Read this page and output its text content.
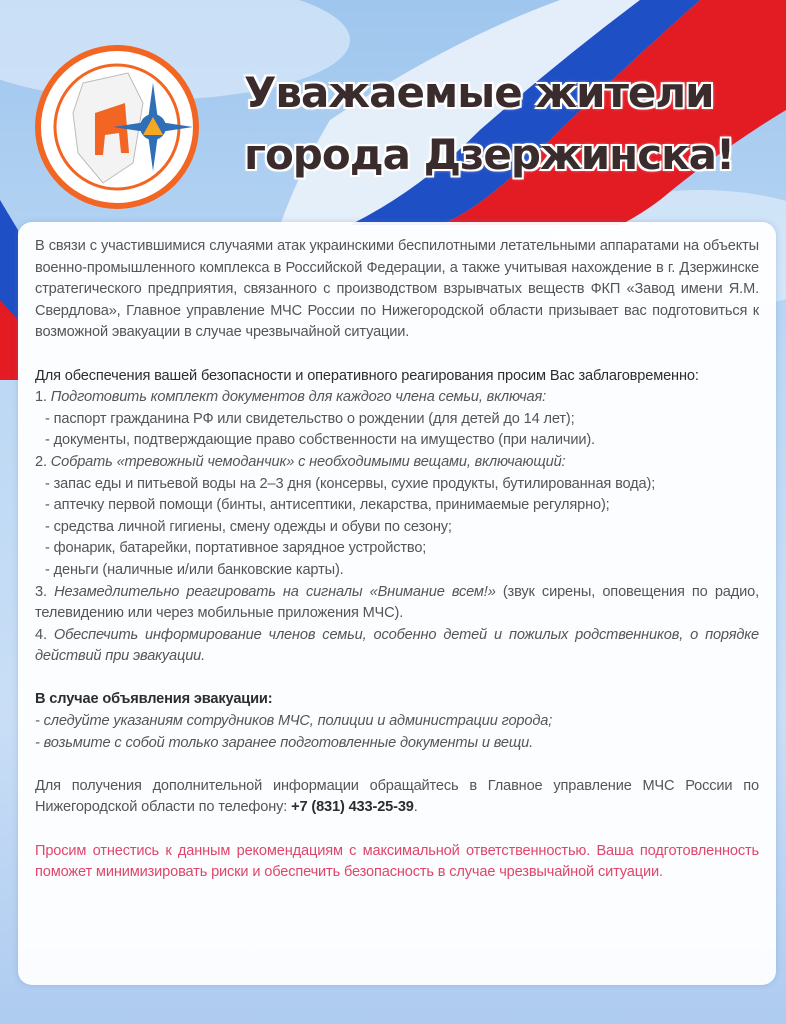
Уважаемые жители
города Дзержинска!

В связи с участившимися случаями атак украинскими беспилотными летательными аппаратами на объекты военно-промышленного комплекса в Российской Федерации, а также учитывая нахождение в г. Дзержинске стратегического предприятия, связанного с производством взрывчатых веществ ФКП «Завод имени Я.М. Свердлова», Главное управление МЧС России по Нижегородской области призывает вас подготовиться к возможной эвакуации в случае чрезвычайной ситуации.

Для обеспечения вашей безопасности и оперативного реагирования просим Вас заблаговременно:

1. Подготовить комплект документов для каждого члена семьи, включая:
- паспорт гражданина РФ или свидетельство о рождении (для детей до 14 лет);
- документы, подтверждающие право собственности на имущество (при наличии).
2. Собрать «тревожный чемоданчик» с необходимыми вещами, включающий:
- запас еды и питьевой воды на 2–3 дня (консервы, сухие продукты, бутилированная вода);
- аптечку первой помощи (бинты, антисептики, лекарства, принимаемые регулярно);
- средства личной гигиены, смену одежды и обуви по сезону;
- фонарик, батарейки, портативное зарядное устройство;
- деньги (наличные и/или банковские карты).
3. Незамедлительно реагировать на сигналы «Внимание всем!» (звук сирены, оповещения по радио, телевидению или через мобильные приложения МЧС).
4. Обеспечить информирование членов семьи, особенно детей и пожилых родственников, о порядке действий при эвакуации.
В случае объявления эвакуации:
- следуйте указаниям сотрудников МЧС, полиции и администрации города;
- возьмите с собой только заранее подготовленные документы и вещи.

Для получения дополнительной информации обращайтесь в Главное управление МЧС России по Нижегородской области по телефону: +7 (831) 433-25-39.

Просим отнестись к данным рекомендациям с максимальной ответственностью. Ваша подготовленность поможет минимизировать риски и обеспечить безопасность в случае чрезвычайной ситуации.
